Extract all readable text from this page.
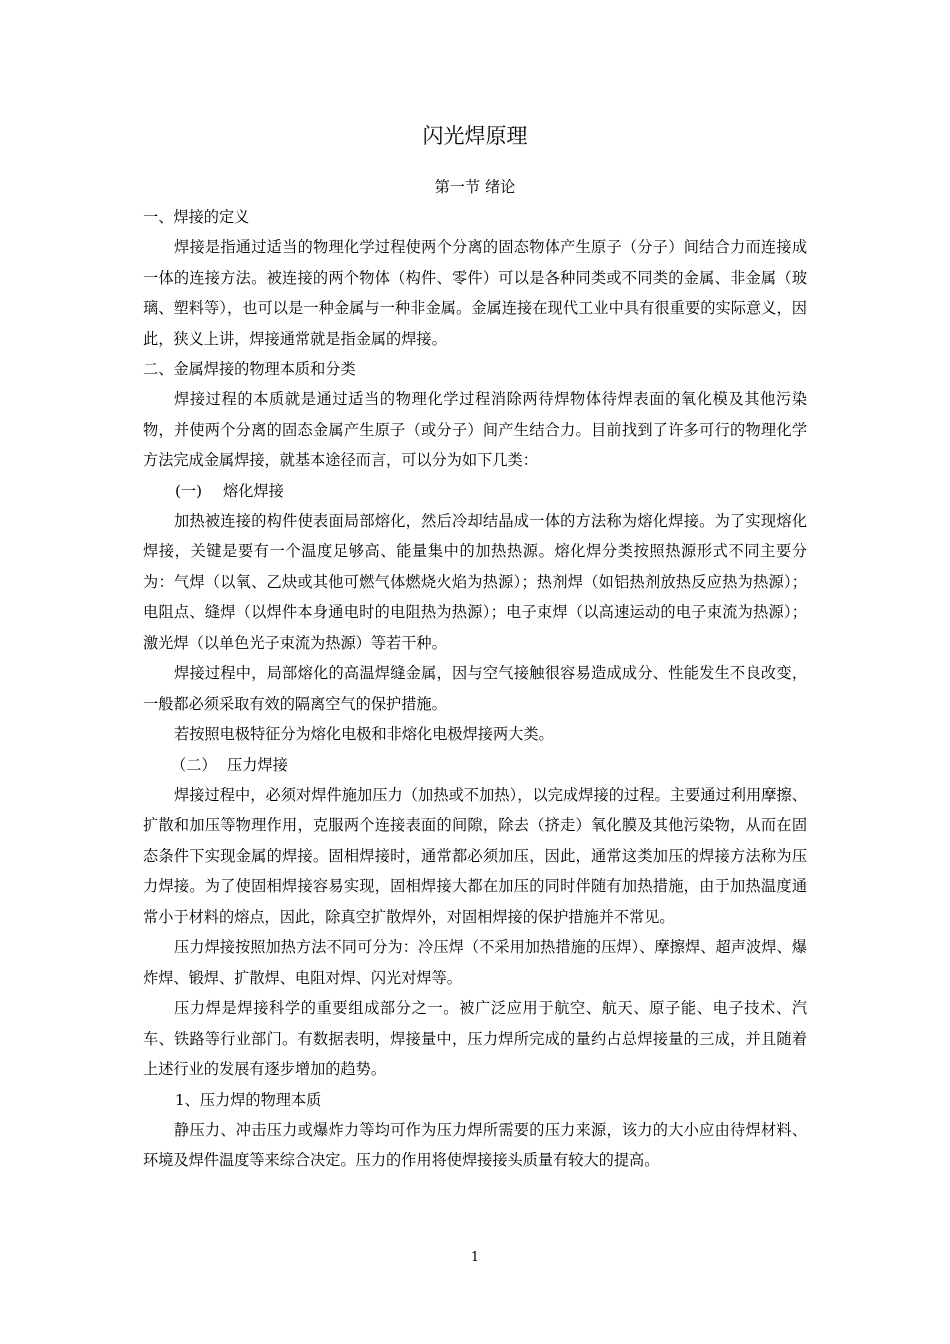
闪光焊原理
第一节 绪论
一、焊接的定义

焊接是指通过适当的物理化学过程使两个分离的固态物体产生原子（分子）间结合力而连接成一体的连接方法。被连接的两个物体（构件、零件）可以是各种同类或不同类的金属、非金属（玻璃、塑料等），也可以是一种金属与一种非金属。金属连接在现代工业中具有很重要的实际意义，因此，狭义上讲，焊接通常就是指金属的焊接。

二、金属焊接的物理本质和分类

焊接过程的本质就是通过适当的物理化学过程消除两待焊物体待焊表面的氧化模及其他污染物，并使两个分离的固态金属产生原子（或分子）间产生结合力。目前找到了许多可行的物理化学方法完成金属焊接，就基本途径而言，可以分为如下几类：

(一) 熔化焊接

加热被连接的构件使表面局部熔化，然后冷却结晶成一体的方法称为熔化焊接。为了实现熔化焊接，关键是要有一个温度足够高、能量集中的加热热源。熔化焊分类按照热源形式不同主要分为：气焊（以氧、乙炔或其他可燃气体燃烧火焰为热源）；热剂焊（如铝热剂放热反应热为热源）；电阻点、缝焊（以焊件本身通电时的电阻热为热源）；电子束焊（以高速运动的电子束流为热源）；激光焊（以单色光子束流为热源）等若干种。

焊接过程中，局部熔化的高温焊缝金属，因与空气接触很容易造成成分、性能发生不良改变，一般都必须采取有效的隔离空气的保护措施。

若按照电极特征分为熔化电极和非熔化电极焊接两大类。

（二） 压力焊接

焊接过程中，必须对焊件施加压力（加热或不加热），以完成焊接的过程。主要通过利用摩擦、扩散和加压等物理作用，克服两个连接表面的间隙，除去（挤走）氧化膜及其他污染物，从而在固态条件下实现金属的焊接。固相焊接时，通常都必须加压，因此，通常这类加压的焊接方法称为压力焊接。为了使固相焊接容易实现，固相焊接大都在加压的同时伴随有加热措施，由于加热温度通常小于材料的熔点，因此，除真空扩散焊外，对固相焊接的保护措施并不常见。

压力焊接按照加热方法不同可分为：冷压焊（不采用加热措施的压焊）、摩擦焊、超声波焊、爆炸焊、锻焊、扩散焊、电阻对焊、闪光对焊等。

压力焊是焊接科学的重要组成部分之一。被广泛应用于航空、航天、原子能、电子技术、汽车、铁路等行业部门。有数据表明，焊接量中，压力焊所完成的量约占总焊接量的三成，并且随着上述行业的发展有逐步增加的趋势。

1、压力焊的物理本质

静压力、冲击压力或爆炸力等均可作为压力焊所需要的压力来源，该力的大小应由待焊材料、环境及焊件温度等来综合决定。压力的作用将使焊接接头质量有较大的提高。

1
